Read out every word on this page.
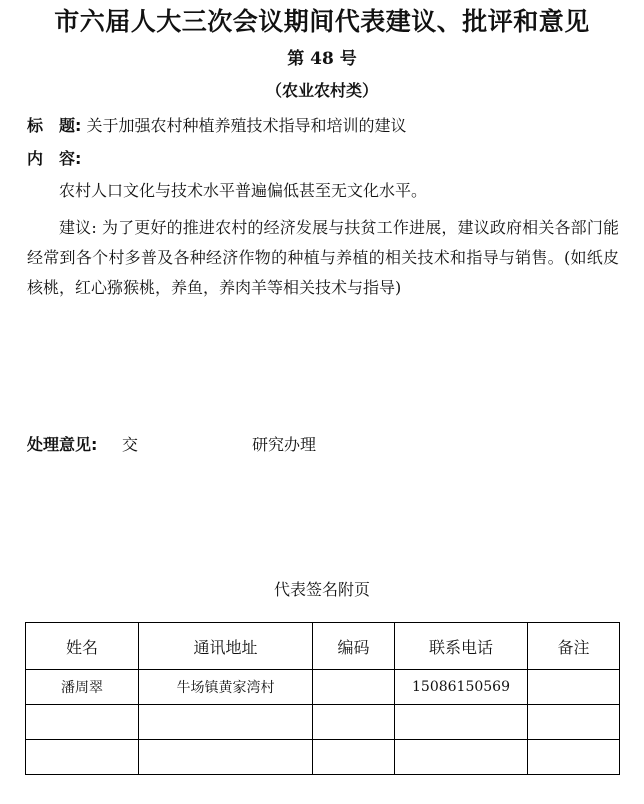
市六届人大三次会议期间代表建议、批评和意见
第 48 号
（农业农村类）
标　题: 关于加强农村种植养殖技术指导和培训的建议
内　容:
农村人口文化与技术水平普遍偏低甚至无文化水平。
建议: 为了更好的推进农村的经济发展与扶贫工作进展，建议政府相关各部门能经常到各个村多普及各种经济作物的种植与养植的相关技术和指导与销售。(如纸皮核桃，红心猕猴桃，养鱼，养肉羊等相关技术与指导)
处理意见: 交	研究办理
代表签名附页
姓名	通讯地址	编码	联系电话	备注
潘周翠	牛场镇黄家湾村		15086150569	
